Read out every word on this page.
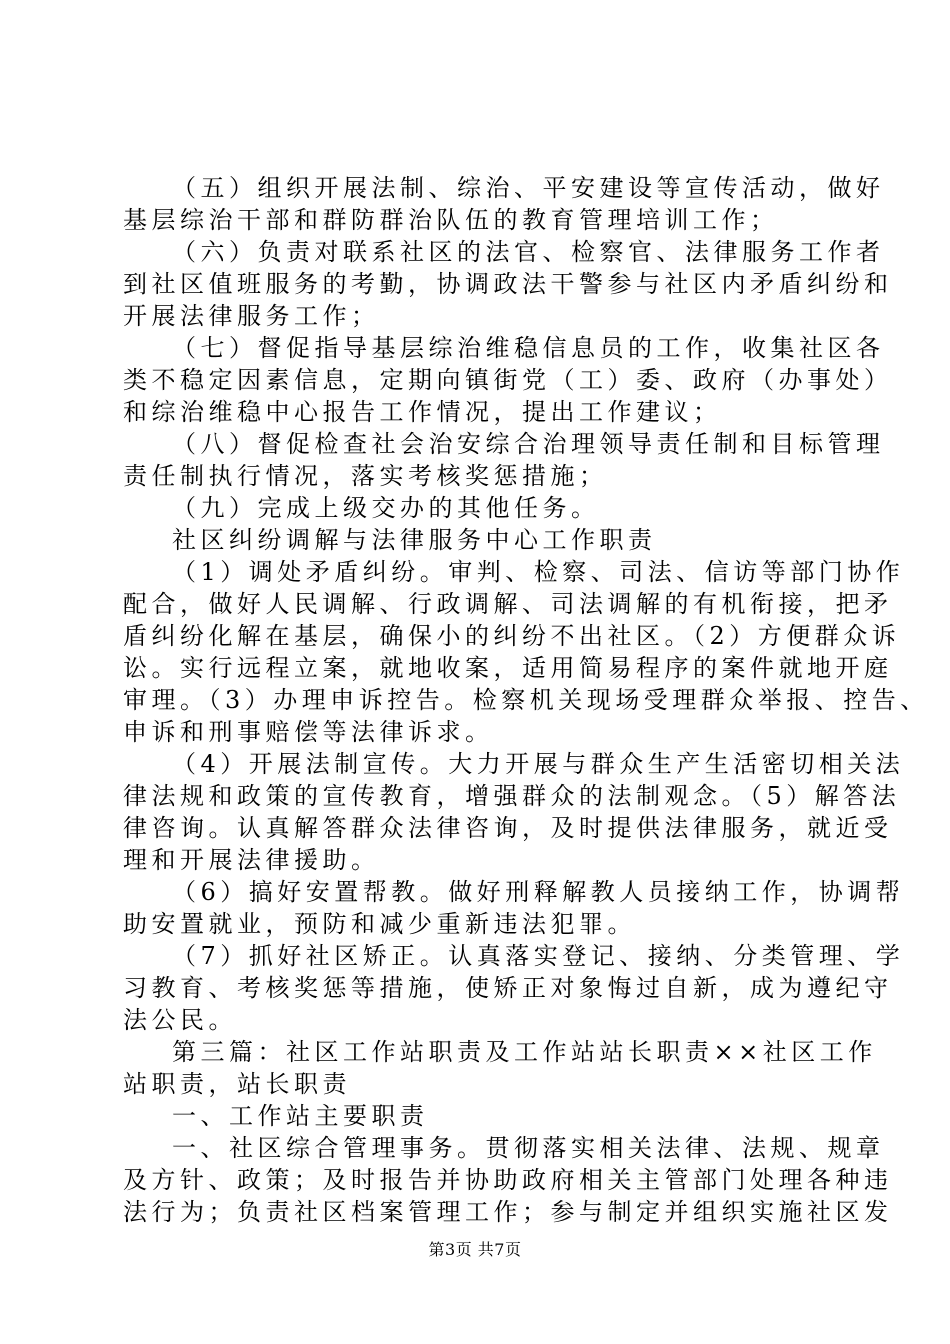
（五）组织开展法制、综治、平安建设等宣传活动，做好
基层综治干部和群防群治队伍的教育管理培训工作；
（六）负责对联系社区的法官、检察官、法律服务工作者
到社区值班服务的考勤，协调政法干警参与社区内矛盾纠纷和
开展法律服务工作；
（七）督促指导基层综治维稳信息员的工作，收集社区各
类不稳定因素信息，定期向镇街党（工）委、政府（办事处）
和综治维稳中心报告工作情况，提出工作建议；
（八）督促检查社会治安综合治理领导责任制和目标管理
责任制执行情况，落实考核奖惩措施；
（九）完成上级交办的其他任务。
社区纠纷调解与法律服务中心工作职责
（1）调处矛盾纠纷。审判、检察、司法、信访等部门协作
配合，做好人民调解、行政调解、司法调解的有机衔接，把矛
盾纠纷化解在基层，确保小的纠纷不出社区。（2）方便群众诉
讼。实行远程立案，就地收案，适用简易程序的案件就地开庭
审理。（3）办理申诉控告。检察机关现场受理群众举报、控告、
申诉和刑事赔偿等法律诉求。
（4）开展法制宣传。大力开展与群众生产生活密切相关法
律法规和政策的宣传教育，增强群众的法制观念。（5）解答法
律咨询。认真解答群众法律咨询，及时提供法律服务，就近受
理和开展法律援助。
（6）搞好安置帮教。做好刑释解教人员接纳工作，协调帮
助安置就业，预防和减少重新违法犯罪。
（7）抓好社区矫正。认真落实登记、接纳、分类管理、学
习教育、考核奖惩等措施，使矫正对象悔过自新，成为遵纪守
法公民。
第三篇：社区工作站职责及工作站站长职责××社区工作
站职责，站长职责
一、工作站主要职责
一、社区综合管理事务。贯彻落实相关法律、法规、规章
及方针、政策；及时报告并协助政府相关主管部门处理各种违
法行为；负责社区档案管理工作；参与制定并组织实施社区发
第3页 共7页
